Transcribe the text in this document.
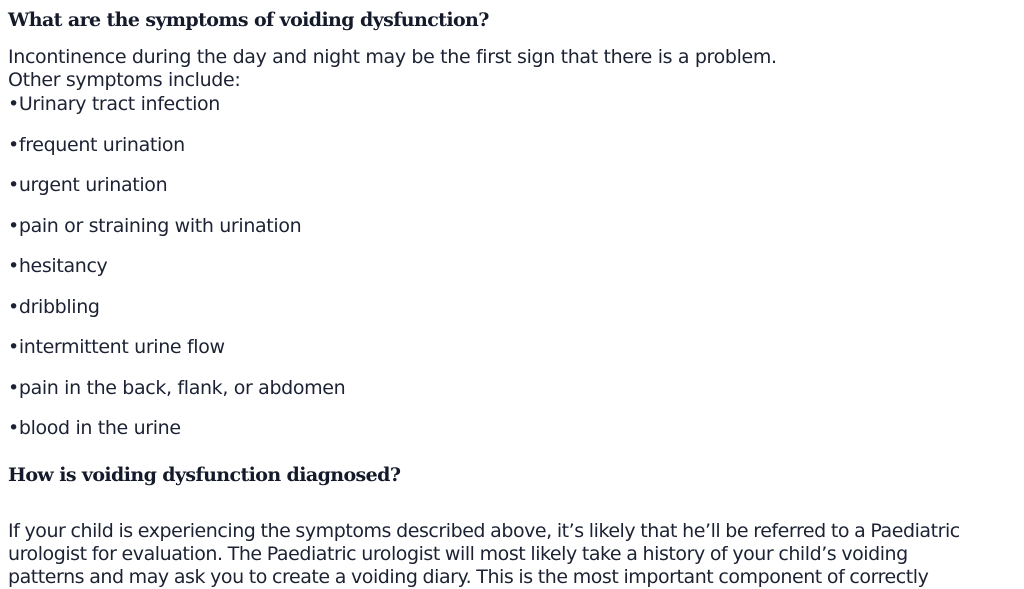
What are the symptoms of voiding dysfunction?

Incontinence during the day and night may be the first sign that there is a problem.
Other symptoms include:

•Urinary tract infection
•frequent urination
•urgent urination
•pain or straining with urination
•hesitancy
•dribbling
•intermittent urine flow
•pain in the back, flank, or abdomen
•blood in the urine
How is voiding dysfunction diagnosed?

If your child is experiencing the symptoms described above, it’s likely that he’ll be referred to a Paediatric
urologist for evaluation. The Paediatric urologist will most likely take a history of your child’s voiding
patterns and may ask you to create a voiding diary. This is the most important component of correctly
